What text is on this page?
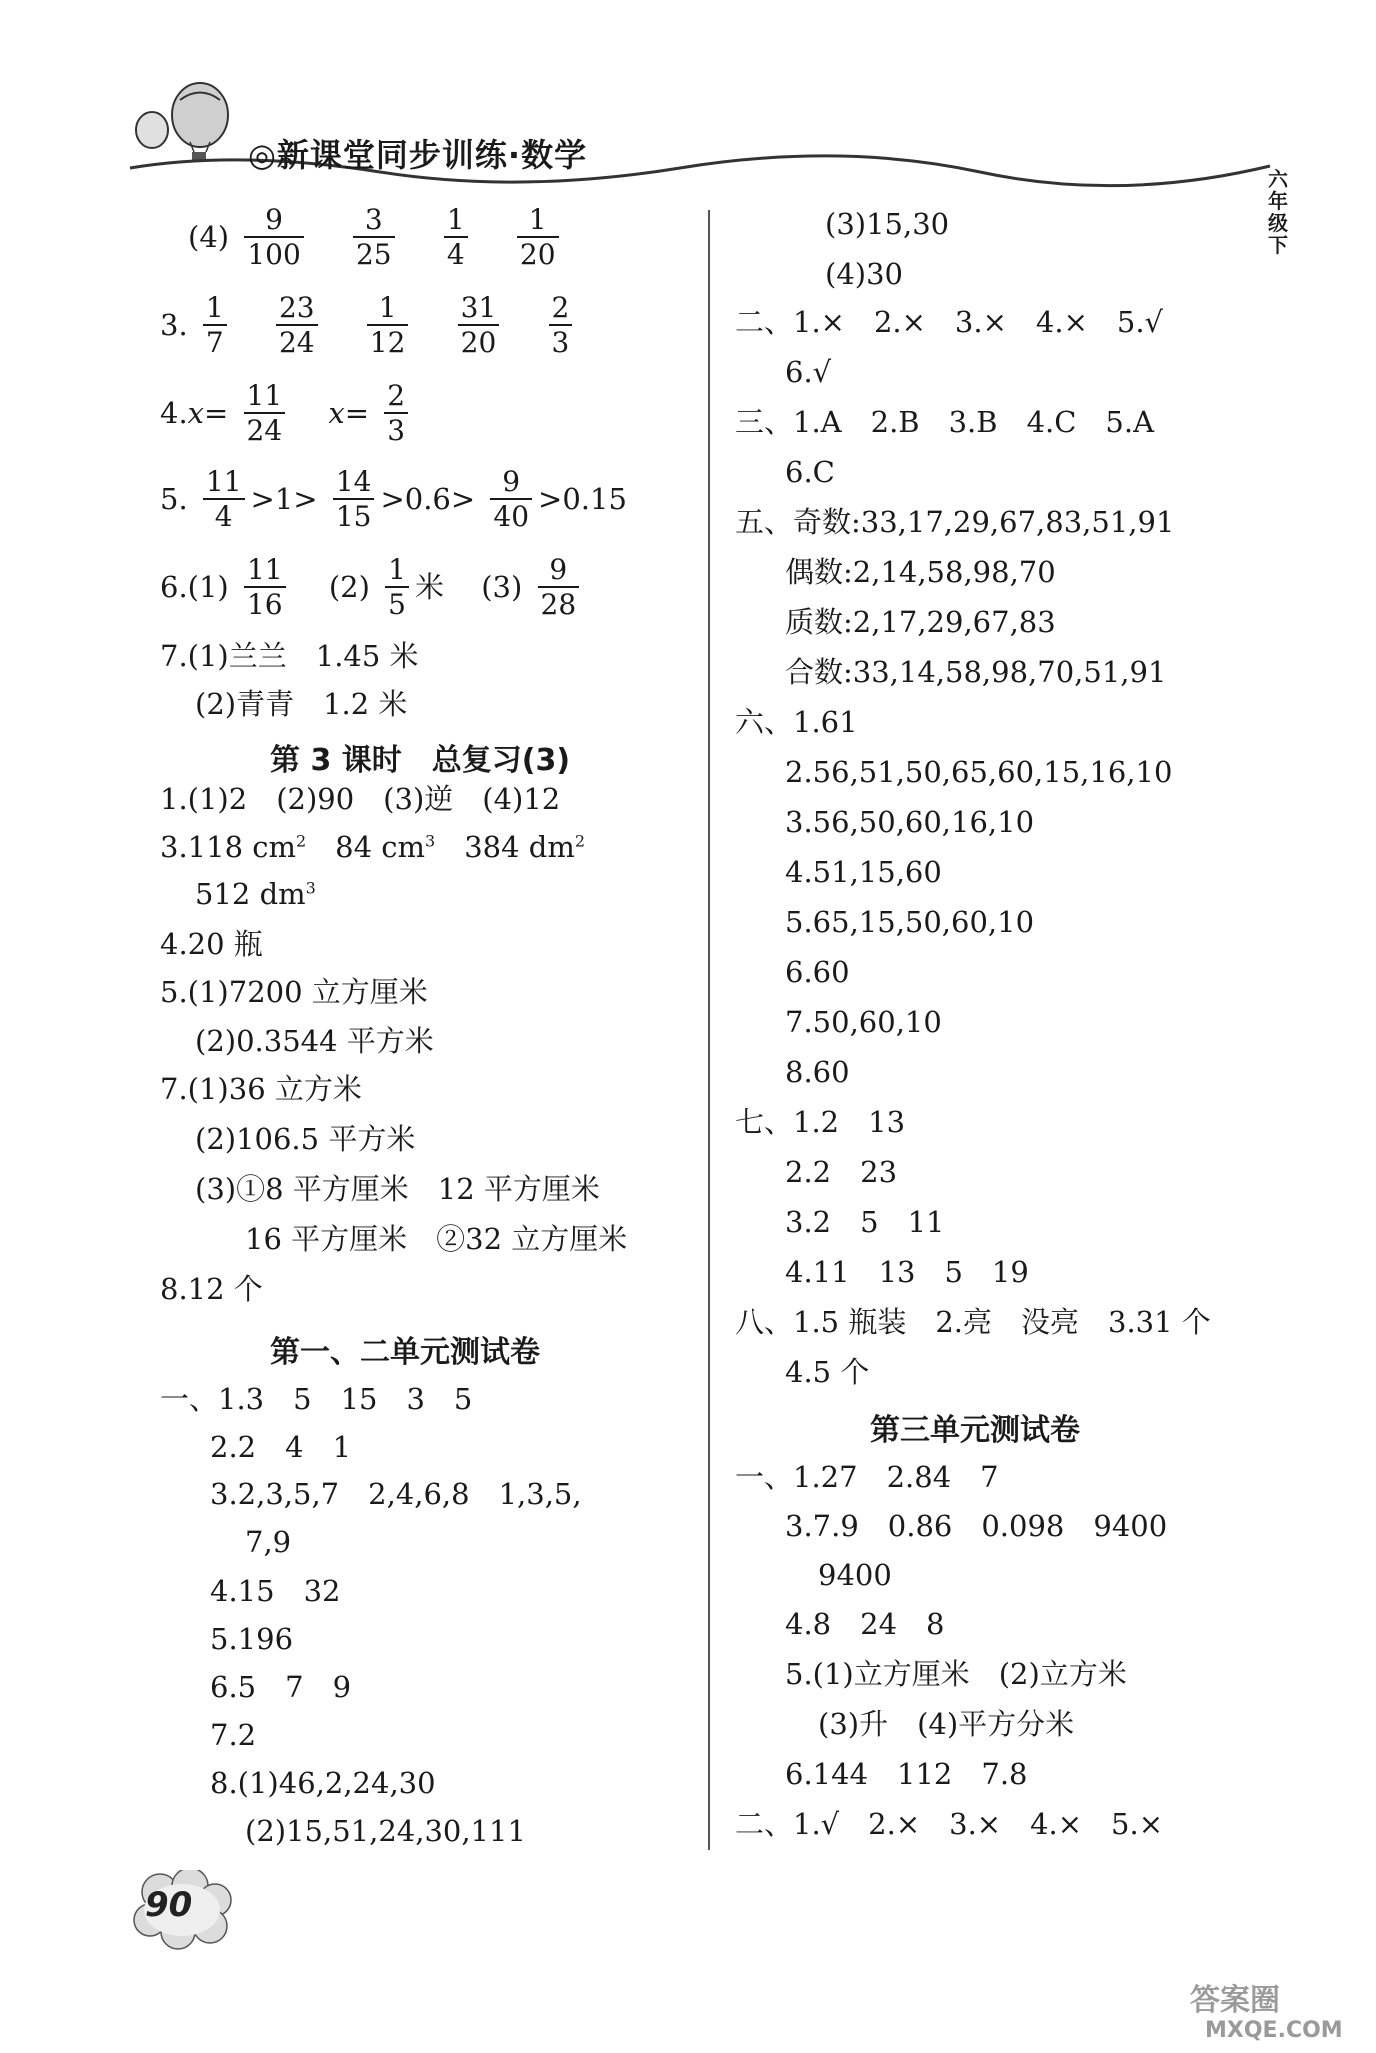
◎新课堂同步训练·数学
六年级下
$(4) \frac{9}{100}$
$\frac{3}{25}$
$\frac{1}{4}$
$\frac{1}{20}$
3. $\frac{1}{7}$
$\frac{23}{24}$
$\frac{1}{12}$
$\frac{31}{20}$
$\frac{2}{3}$
$4.x= \frac{11}{24} x= \frac{2}{3}$
5. $\frac{11}{4} >1> \frac{14}{15} >0.6> \frac{9}{40} >0.15$
$6.(1) \frac{11}{16} (2) \frac{1}{5}$ 米 $(3) \frac{9}{28}$
7.(1)兰兰　1.45 米
(2)青青　1.2 米
第 3 课时　总复习(3)
1.(1)2　(2)90　(3)逆　(4)12
3.118 $cm^2$　84 $cm^3$　384 $dm^2$
512 $dm^3$
4.20 瓶
5.(1)7200 立方厘米
(2)0.3544 平方米
7.(1)36 立方米
(2)106.5 平方米
(3)①8 平方厘米　12 平方厘米
16 平方厘米　②32 立方厘米
8.12 个
第一、二单元测试卷
一、1.3　5　15　3　5
2.2　4　1
3.2,3,5,7　2,4,6,8　1,3,5,
7,9
4.15　32
5.196
6.5　7　9
7.2
8.(1)46,2,24,30
(2)15,51,24,30,111
(3)15,30
(4)30
二、1.×　2.×　3.×　4.×　5.√
6.√
三、1.A　2.B　3.B　4.C　5.A
6.C
五、奇数:33,17,29,67,83,51,91
偶数:2,14,58,98,70
质数:2,17,29,67,83
合数:33,14,58,98,70,51,91
六、1.61
2.56,51,50,65,60,15,16,10
3.56,50,60,16,10
4.51,15,60
5.65,15,50,60,10
6.60
7.50,60,10
8.60
七、1.2　13
2.2　23
3.2　5　11
4.11　13　5　19
八、1.5 瓶装　2.亮　没亮　3.31 个
4.5 个
第三单元测试卷
一、1.27　2.84　7
3.7.9　0.86　0.098　9400
9400
4.8　24　8
5.(1)立方厘米　(2)立方米
(3)升　(4)平方分米
6.144　112　7.8
二、1.√　2.×　3.×　4.×　5.×
90
答案圈
MXQE.COM
